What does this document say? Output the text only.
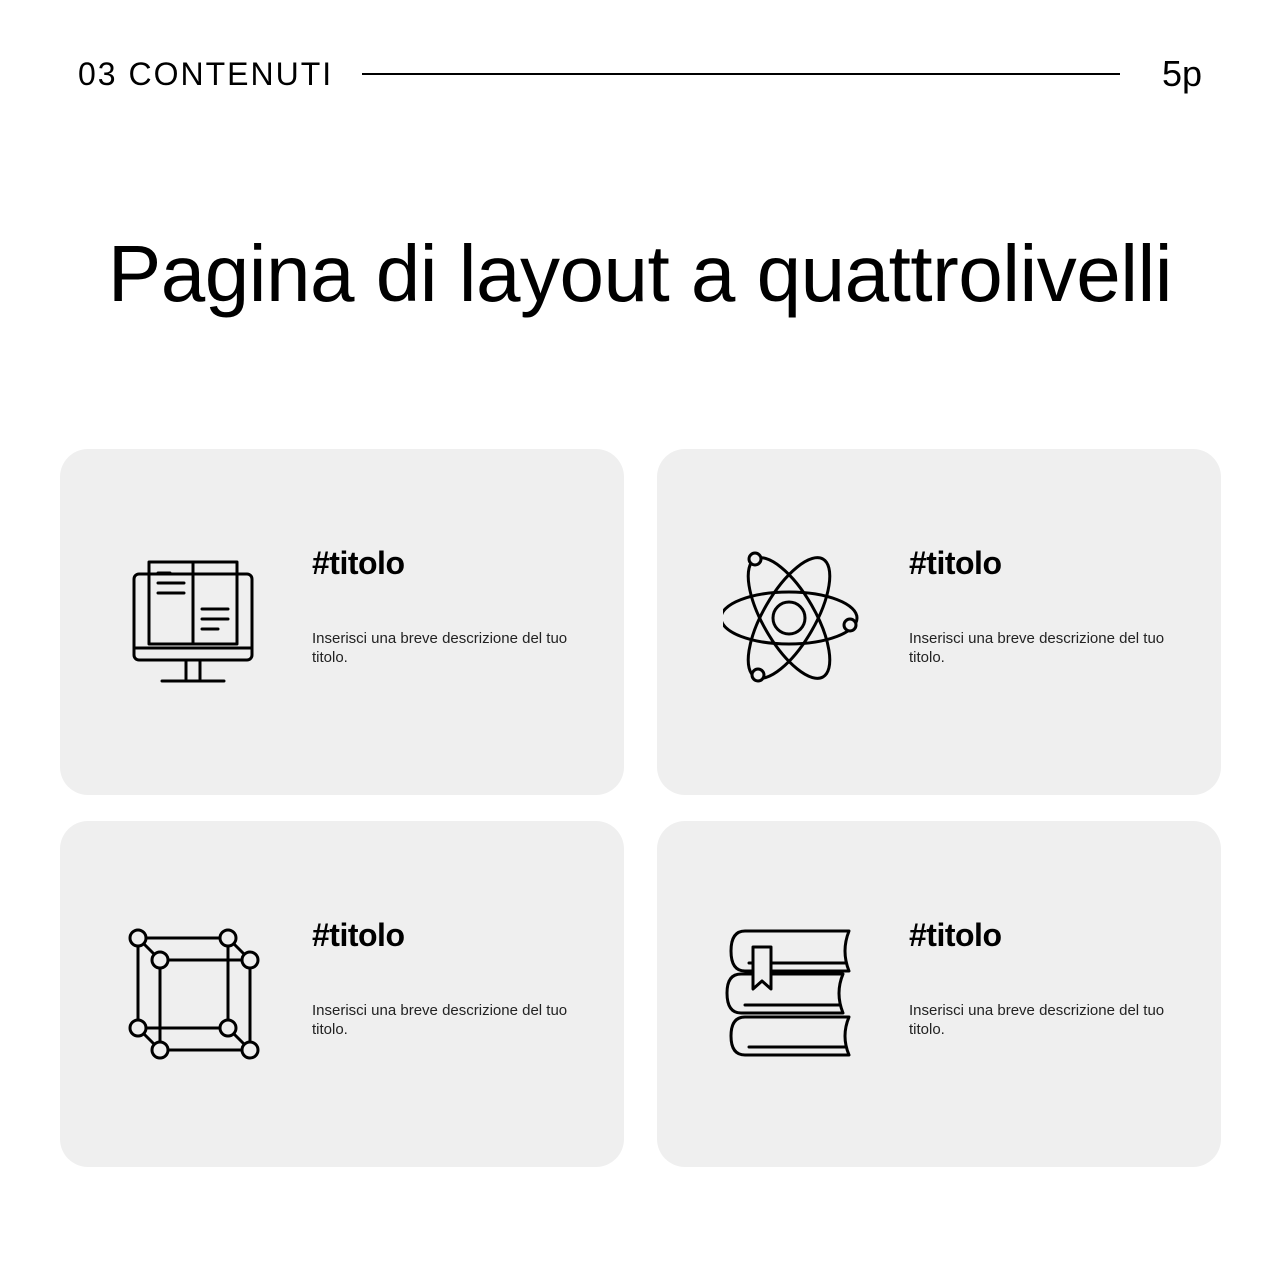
03 CONTENUTI	5p
Pagina di layout a quattrolivelli
#titolo
Inserisci una breve descrizione del tuo titolo.
#titolo
Inserisci una breve descrizione del tuo titolo.
#titolo
Inserisci una breve descrizione del tuo titolo.
#titolo
Inserisci una breve descrizione del tuo titolo.
